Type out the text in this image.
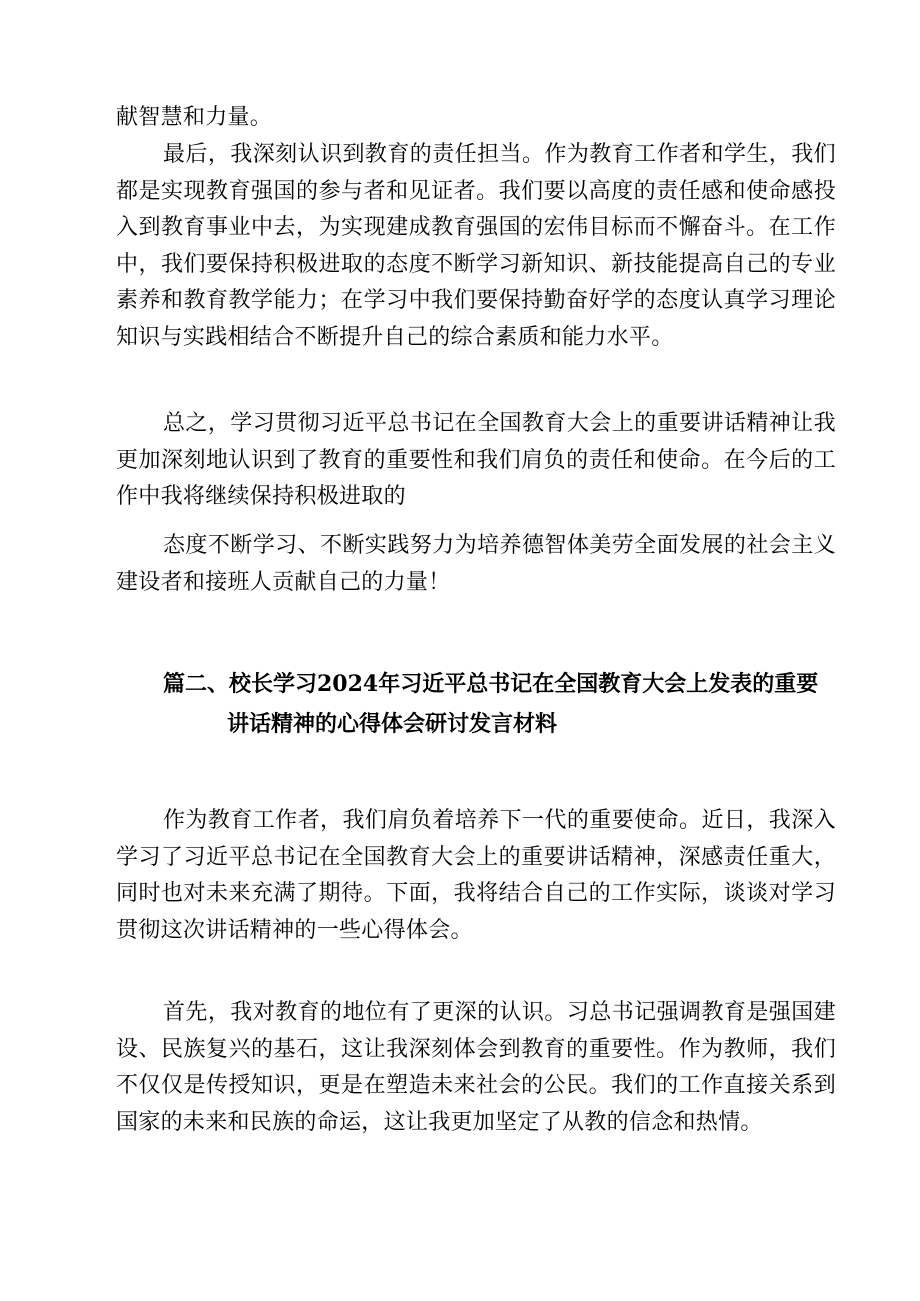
献智慧和力量。

最后，我深刻认识到教育的责任担当。作为教育工作者和学生，我们都是实现教育强国的参与者和见证者。我们要以高度的责任感和使命感投入到教育事业中去，为实现建成教育强国的宏伟目标而不懈奋斗。在工作中，我们要保持积极进取的态度不断学习新知识、新技能提高自己的专业素养和教育教学能力；在学习中我们要保持勤奋好学的态度认真学习理论知识与实践相结合不断提升自己的综合素质和能力水平。

总之，学习贯彻习近平总书记在全国教育大会上的重要讲话精神让我更加深刻地认识到了教育的重要性和我们肩负的责任和使命。在今后的工作中我将继续保持积极进取的

态度不断学习、不断实践努力为培养德智体美劳全面发展的社会主义建设者和接班人贡献自己的力量！

篇二、校长学习2024年习近平总书记在全国教育大会上发表的重要
讲话精神的心得体会研讨发言材料

作为教育工作者，我们肩负着培养下一代的重要使命。近日，我深入学习了习近平总书记在全国教育大会上的重要讲话精神，深感责任重大，同时也对未来充满了期待。下面，我将结合自己的工作实际，谈谈对学习贯彻这次讲话精神的一些心得体会。

首先，我对教育的地位有了更深的认识。习总书记强调教育是强国建设、民族复兴的基石，这让我深刻体会到教育的重要性。作为教师，我们不仅仅是传授知识，更是在塑造未来社会的公民。我们的工作直接关系到国家的未来和民族的命运，这让我更加坚定了从教的信念和热情。
